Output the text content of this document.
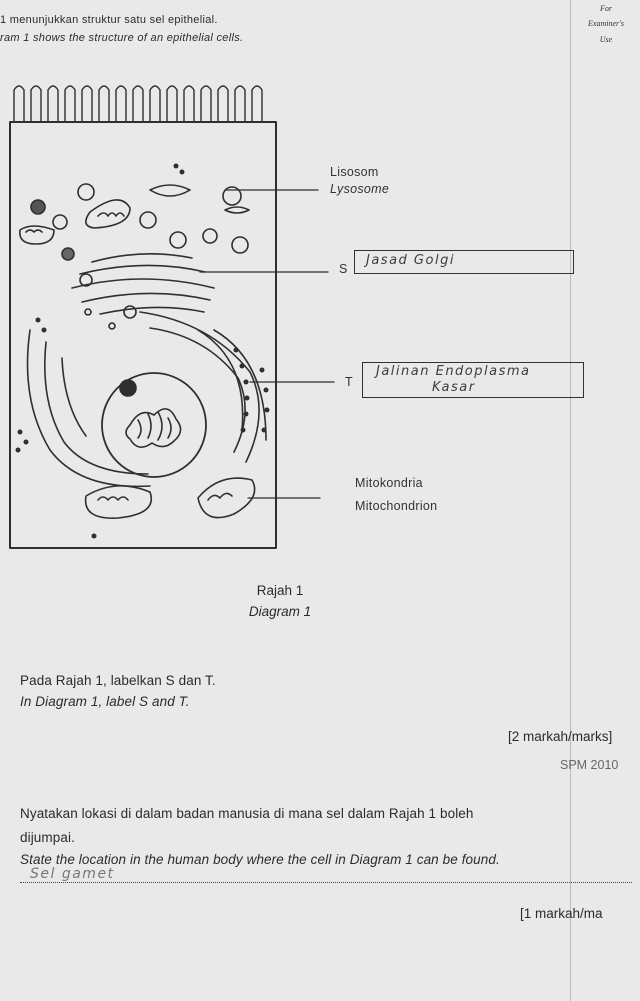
1 menunjukkan struktur satu sel epithelial.
ram 1 shows the structure of an epithelial cells.
For
Examiner's
Use
Lisosom
Lysosome
S
Jasad Golgi
T
Jalinan Endoplasma
Kasar
Mitokondria
Mitochondrion
Rajah 1
Diagram 1
Pada Rajah 1, labelkan S dan T.
In Diagram 1, label S and T.
[2 markah/marks]
SPM 2010
Nyatakan lokasi di dalam badan manusia di mana sel dalam Rajah 1 boleh
dijumpai.
State the location in the human body where the cell in Diagram 1 can be found.
Sel gamet
[1 markah/ma
